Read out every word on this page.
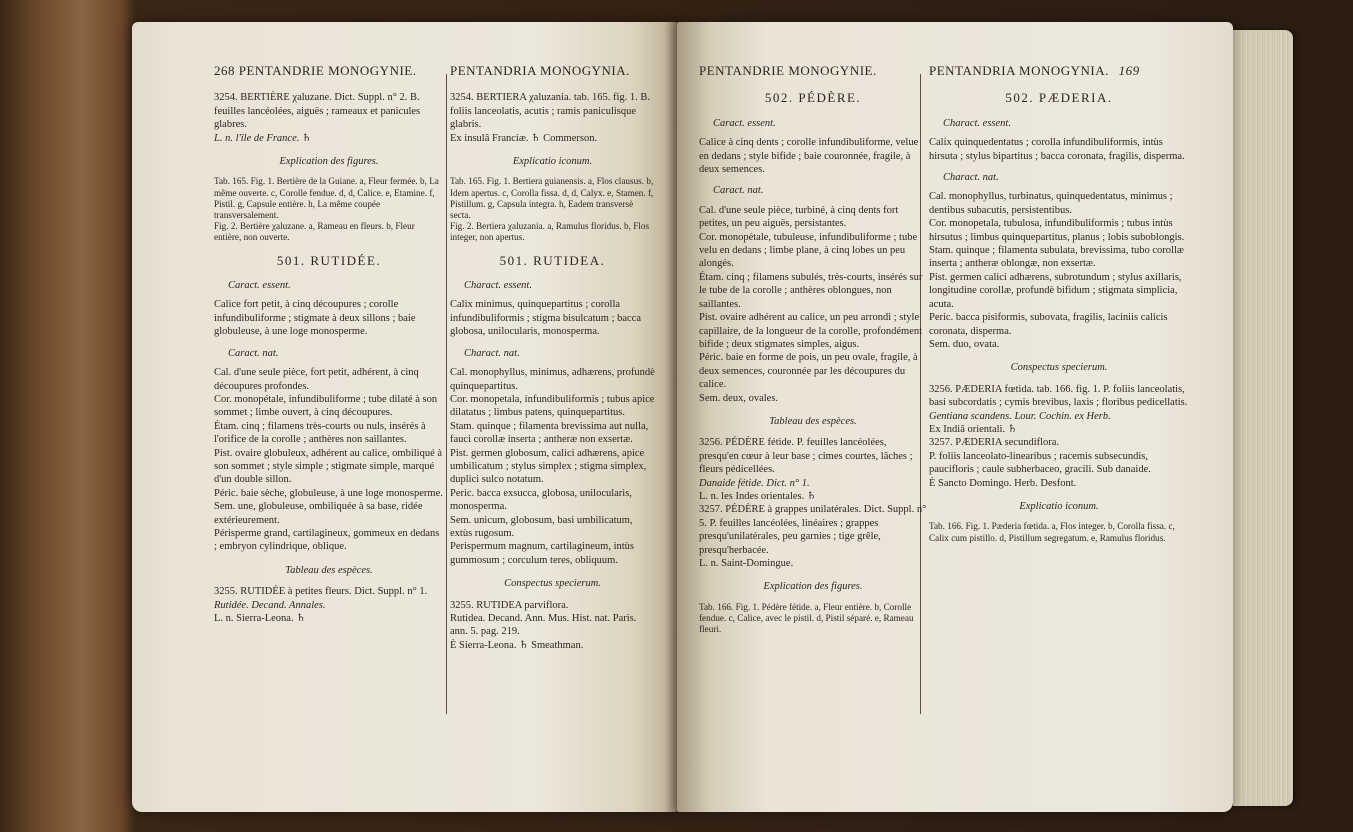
268 PENTANDRIE MONOGYNIE.
3254. BERTIÈRE χaluzane. Dict. Suppl. n° 2. B. feuilles lancéolées, aiguës ; rameaux et panicules glabres.
L. n. l'île de France. ♄
Explication des figures.
Tab. 165. Fig. 1. Bertière de la Guiane. a, Fleur fermée. b, La même ouverte. c, Corolle fendue. d, d, Calice. e, Etamine. f, Pistil. g, Capsule entière. h, La même coupée transversalement.
Fig. 2. Bertière χaluzane. a, Rameau en fleurs. b, Fleur entière, non ouverte.
501. RUTIDÉE.
Caract. essent.
Calice fort petit, à cinq découpures ; corolle infundibuliforme ; stigmate à deux sillons ; baie globuleuse, à une loge monosperme.
Caract. nat.
Cal. d'une seule pièce, fort petit, adhérent, à cinq découpures profondes.
Cor. monopétale, infundibuliforme ; tube dilaté à son sommet ; limbe ouvert, à cinq découpures.
Étam. cinq ; filamens très-courts ou nuls, insérés à l'orifice de la corolle ; anthères non saillantes.
Pist. ovaire globuleux, adhérent au calice, ombiliqué à son sommet ; style simple ; stigmate simple, marqué d'un double sillon.
Péric. baie sèche, globuleuse, à une loge monosperme.
Sem. une, globuleuse, ombiliquée à sa base, ridée extérieurement.
Périsperme grand, cartilagineux, gommeux en dedans ; embryon cylindrique, oblique.
Tableau des espèces.
3255. RUTIDÉE à petites fleurs. Dict. Suppl. n° 1.
Rutidée. Decand. Annales.
L. n. Sierra-Leona. ♄
PENTANDRIA MONOGYNIA.
3254. BERTIERA χaluzania. tab. 165. fig. 1. B. foliis lanceolatis, acutis ; ramis paniculisque glabris.
Ex insulâ Franciæ. ♄ Commerson.
Explicatio iconum.
Tab. 165. Fig. 1. Bertiera guianensis. a, Flos clausus. b, Idem apertus. c, Corolla fissa. d, d, Calyx. e, Stamen. f, Pistillum. g, Capsula integra. h, Eadem transversè secta.
Fig. 2. Bertiera χaluzania. a, Ramulus floridus. b, Flos integer, non apertus.
501. RUTIDEA.
Charact. essent.
Calix minimus, quinquepartitus ; corolla infundibuliformis ; stigma bisulcatum ; bacca globosa, unilocularis, monosperma.
Charact. nat.
Cal. monophyllus, minimus, adhærens, profundè quinquepartitus.
Cor. monopetala, infundibuliformis ; tubus apice dilatatus ; limbus patens, quinquepartitus.
Stam. quinque ; filamenta brevissima aut nulla, fauci corollæ inserta ; antheræ non exsertæ.
Pist. germen globosum, calici adhærens, apice umbilicatum ; stylus simplex ; stigma simplex, duplici sulco notatum.
Peric. bacca exsucca, globosa, unilocularis, monosperma.
Sem. unicum, globosum, basi umbilicatum, extùs rugosum.
Perispermum magnum, cartilagineum, intùs gummosum ; corculum teres, obliquum.
Conspectus specierum.
3255. RUTIDEA parviflora.
Rutidea. Decand. Ann. Mus. Hist. nat. Paris. ann. 5. pag. 219.
È Sierra-Leona. ♄ Smeathman.
PENTANDRIE MONOGYNIE.
502. PÉDÈRE.
Caract. essent.
Calice à cinq dents ; corolle infundibuliforme, velue en dedans ; style bifide ; baie couronnée, fragile, à deux semences.
Caract. nat.
Cal. d'une seule pièce, turbiné, à cinq dents fort petites, un peu aiguës, persistantes.
Cor. monopétale, tubuleuse, infundibuliforme ; tube velu en dedans ; limbe plane, à cinq lobes un peu alongés.
Étam. cinq ; filamens subulés, très-courts, insérés sur le tube de la corolle ; anthères oblongues, non saillantes.
Pist. ovaire adhérent au calice, un peu arrondi ; style capillaire, de la longueur de la corolle, profondément bifide ; deux stigmates simples, aigus.
Péric. baie en forme de pois, un peu ovale, fragile, à deux semences, couronnée par les découpures du calice.
Sem. deux, ovales.
Tableau des espèces.
3256. PÉDÈRE fétide. P. feuilles lancéolées, presqu'en cœur à leur base ; cimes courtes, lâches ; fleurs pédicellées.
Danaide fétide. Dict. n° 1.
L. n. les Indes orientales. ♄
3257. PÉDÈRE à grappes unilatérales. Dict. Suppl. n° 5. P. feuilles lancéolées, linéaires ; grappes presqu'unilatérales, peu garnies ; tige grêle, presqu'herbacée.
L. n. Saint-Domingue.
Explication des figures.
Tab. 166. Fig. 1. Pédère fétide. a, Fleur entière. b, Corolle fendue. c, Calice, avec le pistil. d, Pistil séparé. e, Rameau fleuri.
PENTANDRIA MONOGYNIA. 169
502. PÆDERIA.
Charact. essent.
Calix quinquedentatus ; corolla infundibuliformis, intùs hirsuta ; stylus bipartitus ; bacca coronata, fragilis, disperma.
Charact. nat.
Cal. monophyllus, turbinatus, quinquedentatus, minimus ; dentibus subacutis, persistentibus.
Cor. monopetala, tubulosa, infundibuliformis ; tubus intùs hirsutus ; limbus quinquepartitus, planus ; lobis suboblongis.
Stam. quinque ; filamenta subulata, brevissima, tubo corollæ inserta ; antheræ oblongæ, non exsertæ.
Pist. germen calici adhærens, subrotundum ; stylus axillaris, longitudine corollæ, profundè bifidum ; stigmata simplicia, acuta.
Peric. bacca pisiformis, subovata, fragilis, laciniis calicis coronata, disperma.
Sem. duo, ovata.
Conspectus specierum.
3256. PÆDERIA fœtida. tab. 166. fig. 1. P. foliis lanceolatis, basi subcordatis ; cymis brevibus, laxis ; floribus pedicellatis.
Gentiana scandens. Lour. Cochin. ex Herb.
Ex Indiâ orientali. ♄
3257. PÆDERIA secundiflora.
P. foliis lanceolato-linearibus ; racemis subsecundis, paucifloris ; caule subherbaceo, gracili. Sub danaide.
È Sancto Domingo. Herb. Desfont.
Explicatio iconum.
Tab. 166. Fig. 1. Pæderia fœtida. a, Flos integer. b, Corolla fissa. c, Calix cum pistillo. d, Pistillum segregatum. e, Ramulus floridus.
